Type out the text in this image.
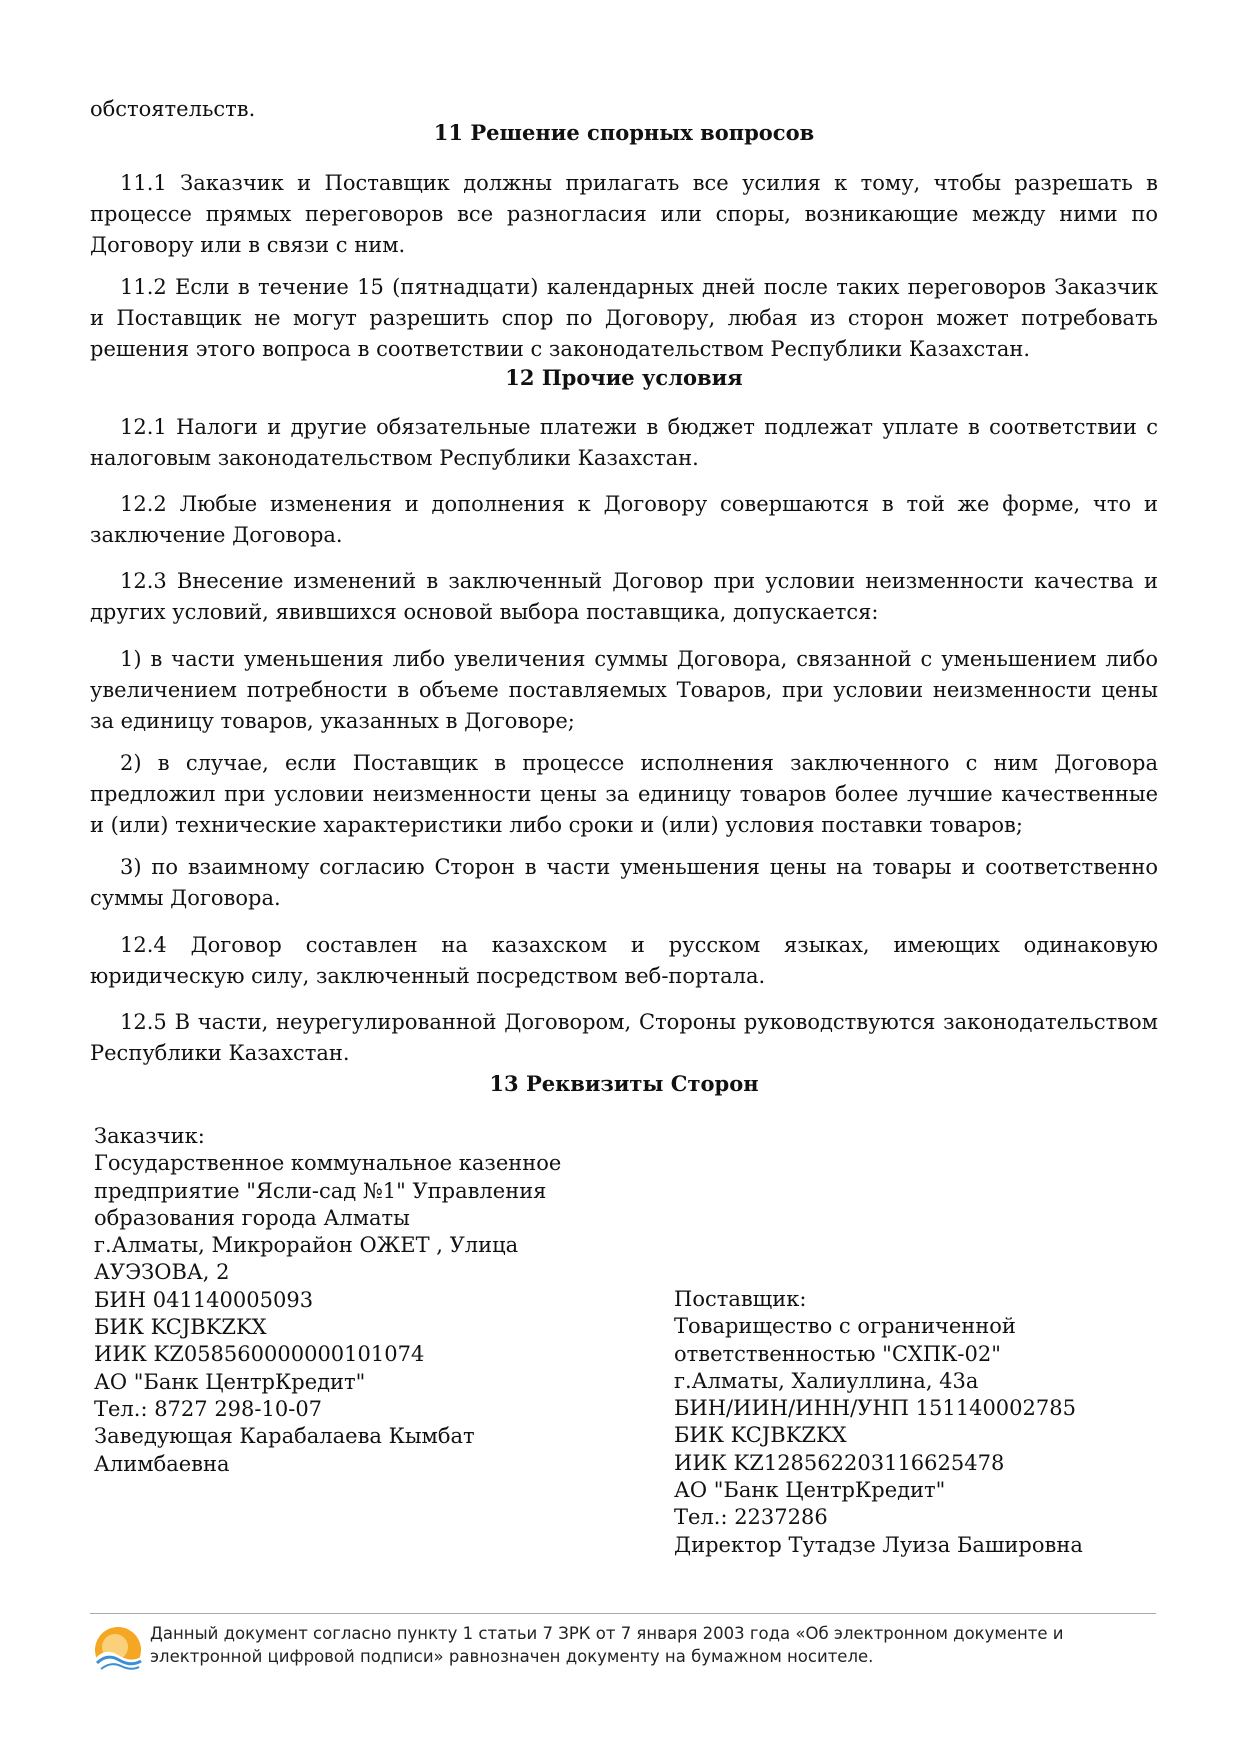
обстоятельств.

11 Решение спорных вопросов

11.1 Заказчик и Поставщик должны прилагать все усилия к тому, чтобы разрешать в процессе прямых переговоров все разногласия или споры, возникающие между ними по Договору или в связи с ним.

11.2 Если в течение 15 (пятнадцати) календарных дней после таких переговоров Заказчик и Поставщик не могут разрешить спор по Договору, любая из сторон может потребовать решения этого вопроса в соответствии с законодательством Республики Казахстан.

12 Прочие условия

12.1 Налоги и другие обязательные платежи в бюджет подлежат уплате в соответствии с налоговым законодательством Республики Казахстан.

12.2 Любые изменения и дополнения к Договору совершаются в той же форме, что и заключение Договора.

12.3 Внесение изменений в заключенный Договор при условии неизменности качества и других условий, явившихся основой выбора поставщика, допускается:

1) в части уменьшения либо увеличения суммы Договора, связанной с уменьшением либо увеличением потребности в объеме поставляемых Товаров, при условии неизменности цены за единицу товаров, указанных в Договоре;

2) в случае, если Поставщик в процессе исполнения заключенного с ним Договора предложил при условии неизменности цены за единицу товаров более лучшие качественные и (или) технические характеристики либо сроки и (или) условия поставки товаров;

3) по взаимному согласию Сторон в части уменьшения цены на товары и соответственно суммы Договора.

12.4 Договор составлен на казахском и русском языках, имеющих одинаковую юридическую силу, заключенный посредством веб-портала.

12.5 В части, неурегулированной Договором, Стороны руководствуются законодательством Республики Казахстан.

13 Реквизиты Сторон
Заказчик:
Государственное коммунальное казенное
предприятие "Ясли-сад №1" Управления
образования города Алматы
г.Алматы, Микрорайон ОЖЕТ , Улица
АУЭЗОВА, 2
БИН 041140005093
БИК KCJBKZKX
ИИК KZ058560000000101074
АО "Банк ЦентрКредит"
Тел.: 8727 298-10-07
Заведующая Карабалаева Кымбат
Алимбаевна
Поставщик:
Товарищество с ограниченной
ответственностью "СХПК-02"
г.Алматы, Халиуллина, 43а
БИН/ИИН/ИНН/УНП 151140002785
БИК KCJBKZKX
ИИК KZ128562203116625478
АО "Банк ЦентрКредит"
Тел.: 2237286
Директор Тутадзе Луиза Башировна
Данный документ согласно пункту 1 статьи 7 ЗРК от 7 января 2003 года «Об электронном документе и
электронной цифровой подписи» равнозначен документу на бумажном носителе.
